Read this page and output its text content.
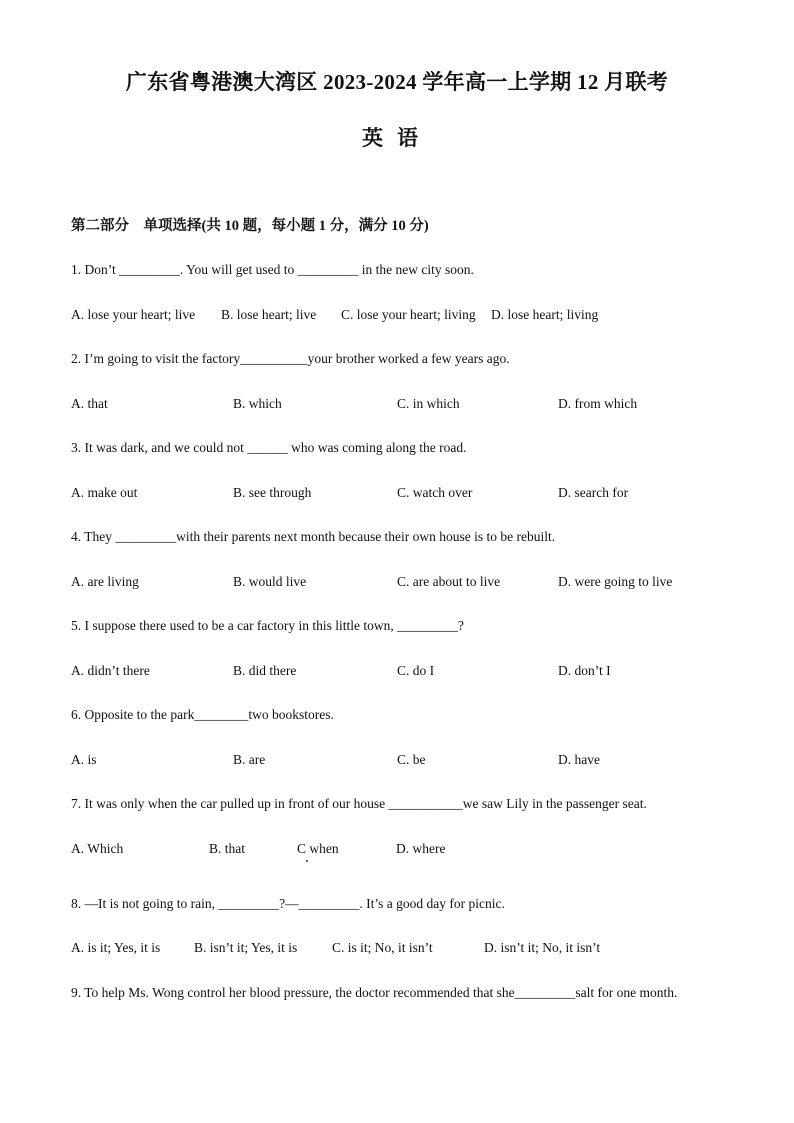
广东省粤港澳大湾区 2023-2024 学年高一上学期 12 月联考
英语
第二部分　单项选择(共 10 题，每小题 1 分，满分 10 分)
1. Don’t _________. You will get used to _________ in the new city soon.
A. lose your heart; live B. lose heart; live C. lose your heart; living D. lose heart; living
2. I’m going to visit the factory__________your brother worked a few years ago.
A. that	B. which	C. in which	D. from which
3. It was dark, and we could not ______ who was coming along the road.
A. make out	B. see through	C. watch over	D. search for
4. They _________with their parents next month because their own house is to be rebuilt.
A. are living	B. would live	C. are about to live	D. were going to live
5. I suppose there used to be a car factory in this little town, _________?
A. didn’t there	B. did there	C. do I	D. don’t I
6. Opposite to the park________two bookstores.
A. is	B. are	C. be	D. have
7. It was only when the car pulled up in front of our house ___________we saw Lily in the passenger seat.
A. Which	B. that	C when	D. where
8. —It is not going to rain, _________?—_________. It’s a good day for picnic.
A. is it; Yes, it is B. isn’t it; Yes, it is	C. is it; No, it isn’t	D. isn’t it; No, it isn’t
9. To help Ms. Wong control her blood pressure, the doctor recommended that she_________salt for one month.
